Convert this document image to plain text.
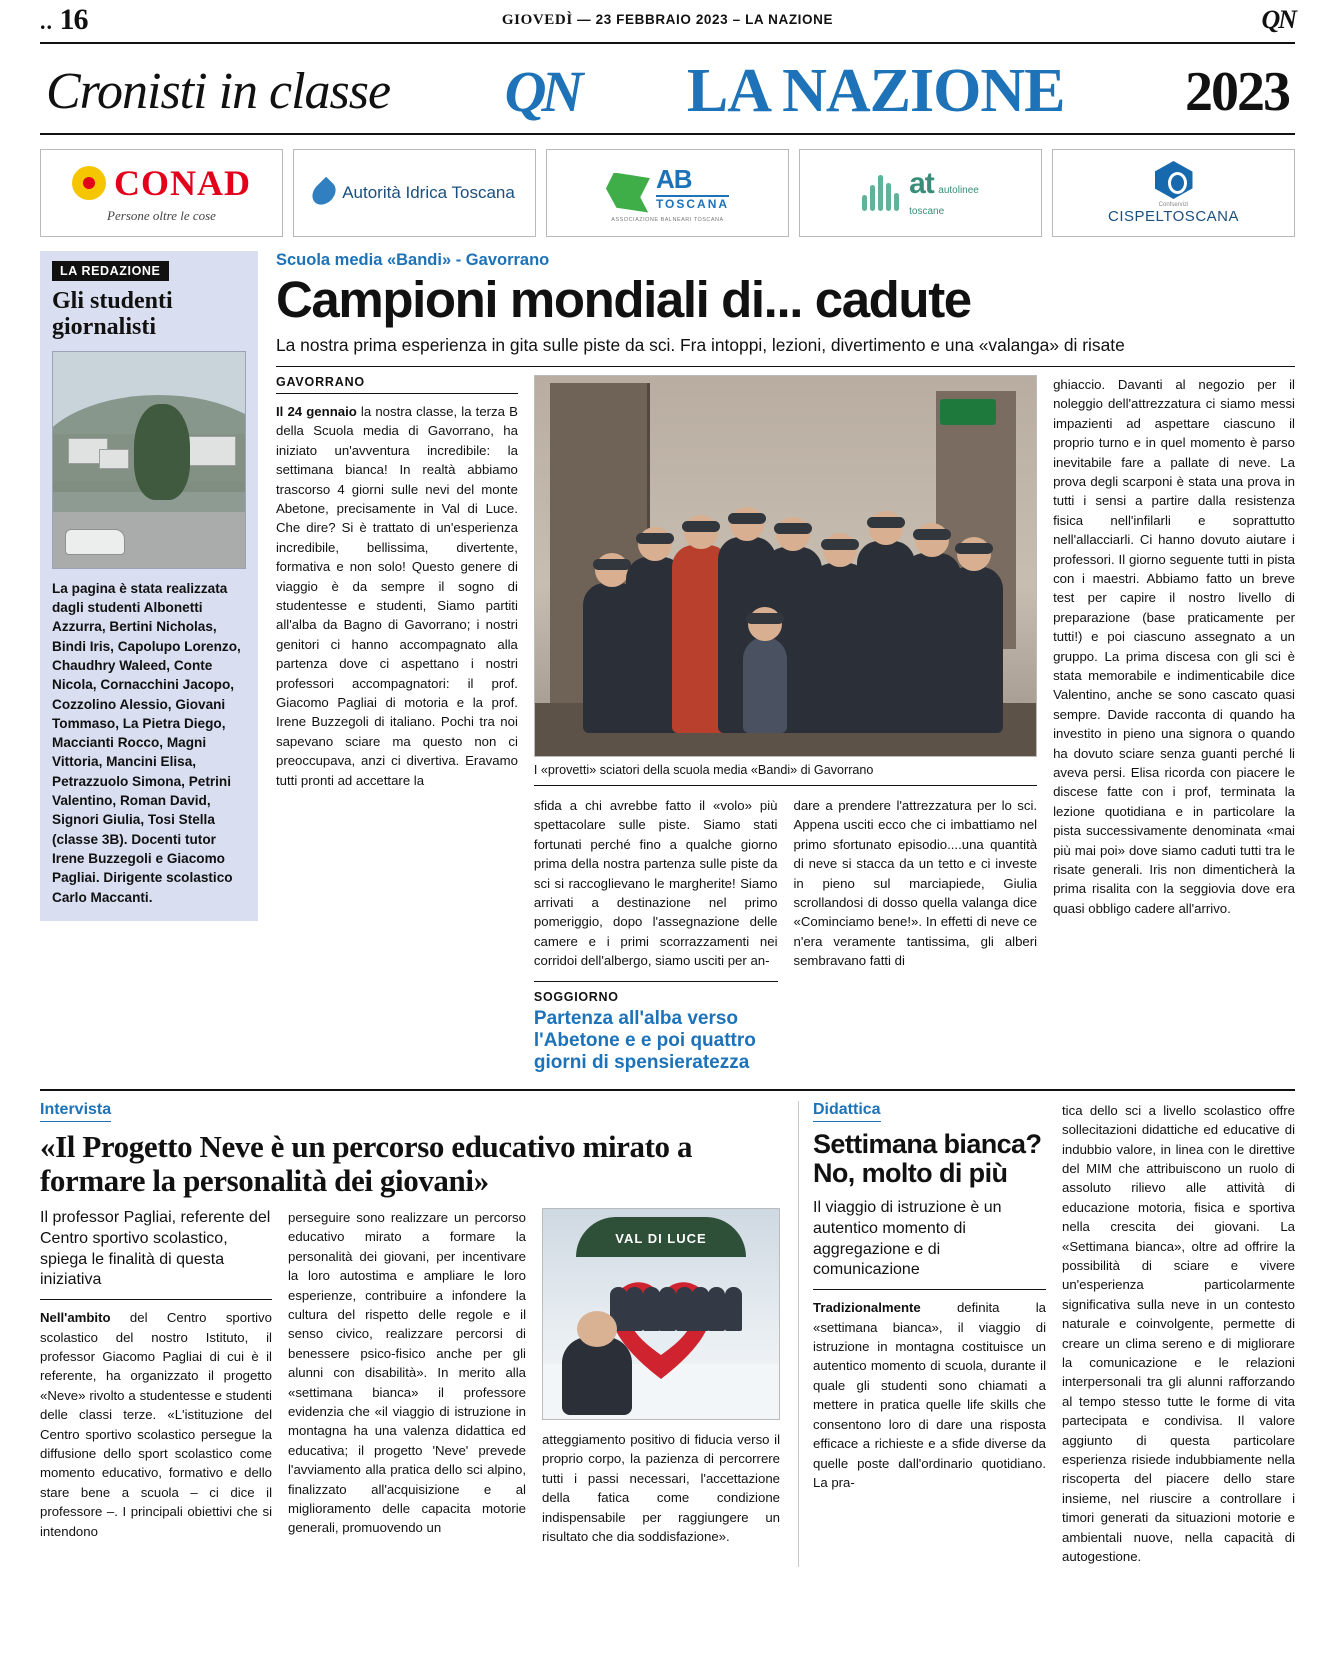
.. 16	GIOVEDÌ — 23 FEBBRAIO 2023 – LA NAZIONE	QN
Cronisti in classe QN LA NAZIONE 2023
CONAD
Persone oltre le cose
Autorità Idrica Toscana	AB
TOSCANA
ASSOCIAZIONE BALNEARI TOSCANA
at autolinee
toscane
Confservizi
CISPELTOSCANA
LA REDAZIONE
Gli studenti giornalisti
La pagina è stata realizzata dagli studenti Albonetti Azzurra, Bertini Nicholas, Bindi Iris, Capolupo Lorenzo, Chaudhry Waleed, Conte Nicola, Cornacchini Jacopo, Cozzolino Alessio, Giovani Tommaso, La Pietra Diego, Maccianti Rocco, Magni Vittoria, Mancini Elisa, Petrazzuolo Simona, Petrini Valentino, Roman David, Signori Giulia, Tosi Stella (classe 3B). Docenti tutor Irene Buzzegoli e Giacomo Pagliai. Dirigente scolastico Carlo Maccanti.
Scuola media «Bandi» - Gavorrano
Campioni mondiali di... cadute
La nostra prima esperienza in gita sulle piste da sci. Fra intoppi, lezioni, divertimento e una «valanga» di risate
GAVORRANO
Il 24 gennaio la nostra classe, la terza B della Scuola media di Gavorrano, ha iniziato un'avventura incredibile: la settimana bianca! In realtà abbiamo trascorso 4 giorni sulle nevi del monte Abetone, precisamente in Val di Luce. Che dire? Si è trattato di un'esperienza incredibile, bellissima, divertente, formativa e non solo! Questo genere di viaggio è da sempre il sogno di studentesse e studenti, Siamo partiti all'alba da Bagno di Gavorrano; i nostri genitori ci hanno accompagnato alla partenza dove ci aspettano i nostri professori accompagnatori: il prof. Giacomo Pagliai di motoria e la prof. Irene Buzzegoli di italiano. Pochi tra noi sapevano sciare ma questo non ci preoccupava, anzi ci divertiva. Eravamo tutti pronti ad accettare la
I «provetti» sciatori della scuola media «Bandi» di Gavorrano
sfida a chi avrebbe fatto il «volo» più spettacolare sulle piste. Siamo stati fortunati perché fino a qualche giorno prima della nostra partenza sulle piste da sci si raccoglievano le margherite! Siamo arrivati a destinazione nel primo pomeriggio, dopo l'assegnazione delle camere e i primi scorrazzamenti nei corridoi dell'albergo, siamo usciti per an-
SOGGIORNO
Partenza all'alba verso l'Abetone e e poi quattro giorni di spensieratezza
dare a prendere l'attrezzatura per lo sci. Appena usciti ecco che ci imbattiamo nel primo sfortunato episodio....una quantità di neve si stacca da un tetto e ci investe in pieno sul marciapiede, Giulia scrollandosi di dosso quella valanga dice «Cominciamo bene!». In effetti di neve ce n'era veramente tantissima, gli alberi sembravano fatti di
ghiaccio. Davanti al negozio per il noleggio dell'attrezzatura ci siamo messi impazienti ad aspettare ciascuno il proprio turno e in quel momento è parso inevitabile fare a pallate di neve. La prova degli scarponi è stata una prova in tutti i sensi a partire dalla resistenza fisica nell'infilarli e soprattutto nell'allacciarli. Ci hanno dovuto aiutare i professori. Il giorno seguente tutti in pista con i maestri. Abbiamo fatto un breve test per capire il nostro livello di preparazione (base praticamente per tutti!) e poi ciascuno assegnato a un gruppo. La prima discesa con gli sci è stata memorabile e indimenticabile dice Valentino, anche se sono cascato quasi sempre. Davide racconta di quando ha investito in pieno una signora o quando ha dovuto sciare senza guanti perché li aveva persi. Elisa ricorda con piacere le discese fatte con i prof, terminata la lezione quotidiana e in particolare la pista successivamente denominata «mai più mai poi» dove siamo caduti tutti tra le risate generali. Iris non dimenticherà la prima risalita con la seggiovia dove era quasi obbligo cadere all'arrivo.
Intervista
«Il Progetto Neve è un percorso educativo mirato a formare la personalità dei giovani»
Il professor Pagliai, referente del Centro sportivo scolastico, spiega le finalità di questa iniziativa
Nell'ambito del Centro sportivo scolastico del nostro Istituto, il professor Giacomo Pagliai di cui è il referente, ha organizzato il progetto «Neve» rivolto a studentesse e studenti delle classi terze. «L'istituzione del Centro sportivo scolastico persegue la diffusione dello sport scolastico come momento educativo, formativo e dello stare bene a scuola – ci dice il professore –. I principali obiettivi che si intendono
perseguire sono realizzare un percorso educativo mirato a formare la personalità dei giovani, per incentivare la loro autostima e ampliare le loro esperienze, contribuire a infondere la cultura del rispetto delle regole e il senso civico, realizzare percorsi di benessere psico-fisico anche per gli alunni con disabilità». In merito alla «settimana bianca» il professore evidenzia che «il viaggio di istruzione in montagna ha una valenza didattica ed educativa; il progetto 'Neve' prevede l'avviamento alla pratica dello sci alpino, finalizzato all'acquisizione e al miglioramento delle capacita motorie generali, promuovendo un
VAL DI LUCE
atteggiamento positivo di fiducia verso il proprio corpo, la pazienza di percorrere tutti i passi necessari, l'accettazione della fatica come condizione indispensabile per raggiungere un risultato che dia soddisfazione».
Didattica
Settimana bianca? No, molto di più
Il viaggio di istruzione è un autentico momento di aggregazione e di comunicazione
Tradizionalmente definita la «settimana bianca», il viaggio di istruzione in montagna costituisce un autentico momento di scuola, durante il quale gli studenti sono chiamati a mettere in pratica quelle life skills che consentono loro di dare una risposta efficace a richieste e a sfide diverse da quelle poste dall'ordinario quotidiano. La pra-
tica dello sci a livello scolastico offre sollecitazioni didattiche ed educative di indubbio valore, in linea con le direttive del MIM che attribuiscono un ruolo di assoluto rilievo alle attività di educazione motoria, fisica e sportiva nella crescita dei giovani. La «Settimana bianca», oltre ad offrire la possibilità di sciare e vivere un'esperienza particolarmente significativa sulla neve in un contesto naturale e coinvolgente, permette di creare un clima sereno e di migliorare la comunicazione e le relazioni interpersonali tra gli alunni rafforzando al tempo stesso tutte le forme di vita partecipata e condivisa. Il valore aggiunto di questa particolare esperienza risiede indubbiamente nella riscoperta del piacere dello stare insieme, nel riuscire a controllare i timori generati da situazioni motorie e ambientali nuove, nella capacità di autogestione.
